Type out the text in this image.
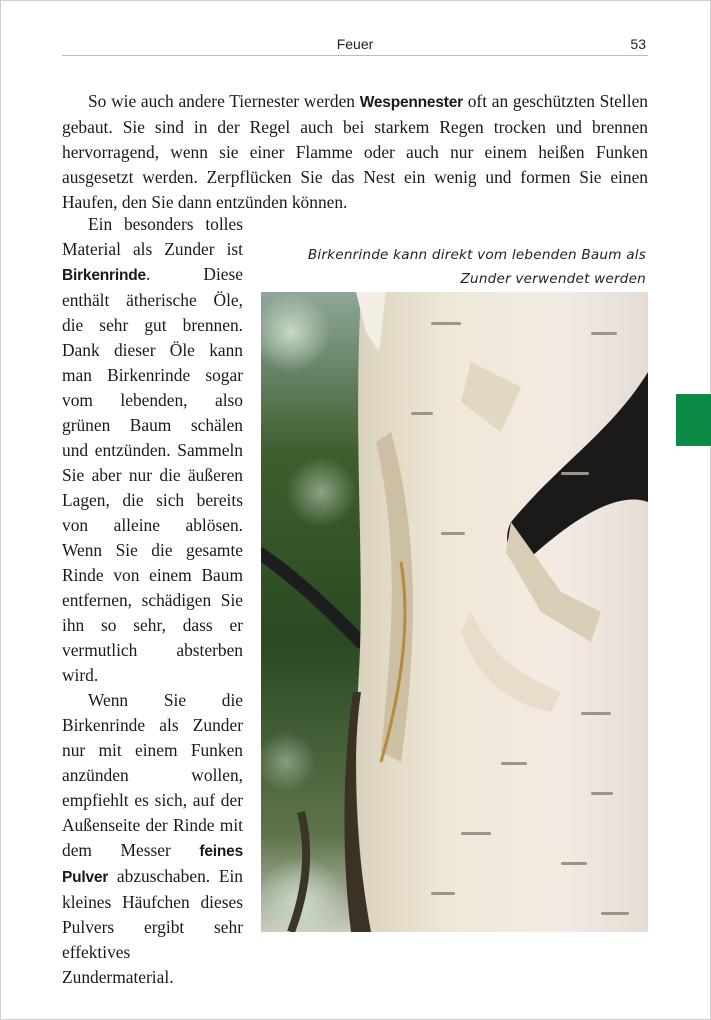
Feuer	53

So wie auch andere Tiernester werden Wespennester oft an geschützten Stellen gebaut. Sie sind in der Regel auch bei starkem Regen trocken und brennen hervorragend, wenn sie einer Flamme oder auch nur einem heißen Funken ausgesetzt werden. Zerpflücken Sie das Nest ein wenig und formen Sie einen Haufen, den Sie dann entzünden können.

Ein besonders tolles Material als Zunder ist Birkenrinde. Diese enthält ätherische Öle, die sehr gut brennen. Dank dieser Öle kann man Birkenrinde sogar vom lebenden, also grünen Baum schälen und entzünden. Sammeln Sie aber nur die äußeren Lagen, die sich bereits von alleine ablösen. Wenn Sie die gesamte Rinde von einem Baum entfernen, schädigen Sie ihn so sehr, dass er vermutlich absterben wird.

Wenn Sie die Birkenrinde als Zunder nur mit einem Funken anzünden wollen, empfiehlt es sich, auf der Außenseite der Rinde mit dem Messer feines Pulver abzuschaben. Ein kleines Häufchen dieses Pulvers ergibt sehr effektives Zundermaterial.

Birkenrinde kann direkt vom lebenden Baum als Zunder verwendet werden
